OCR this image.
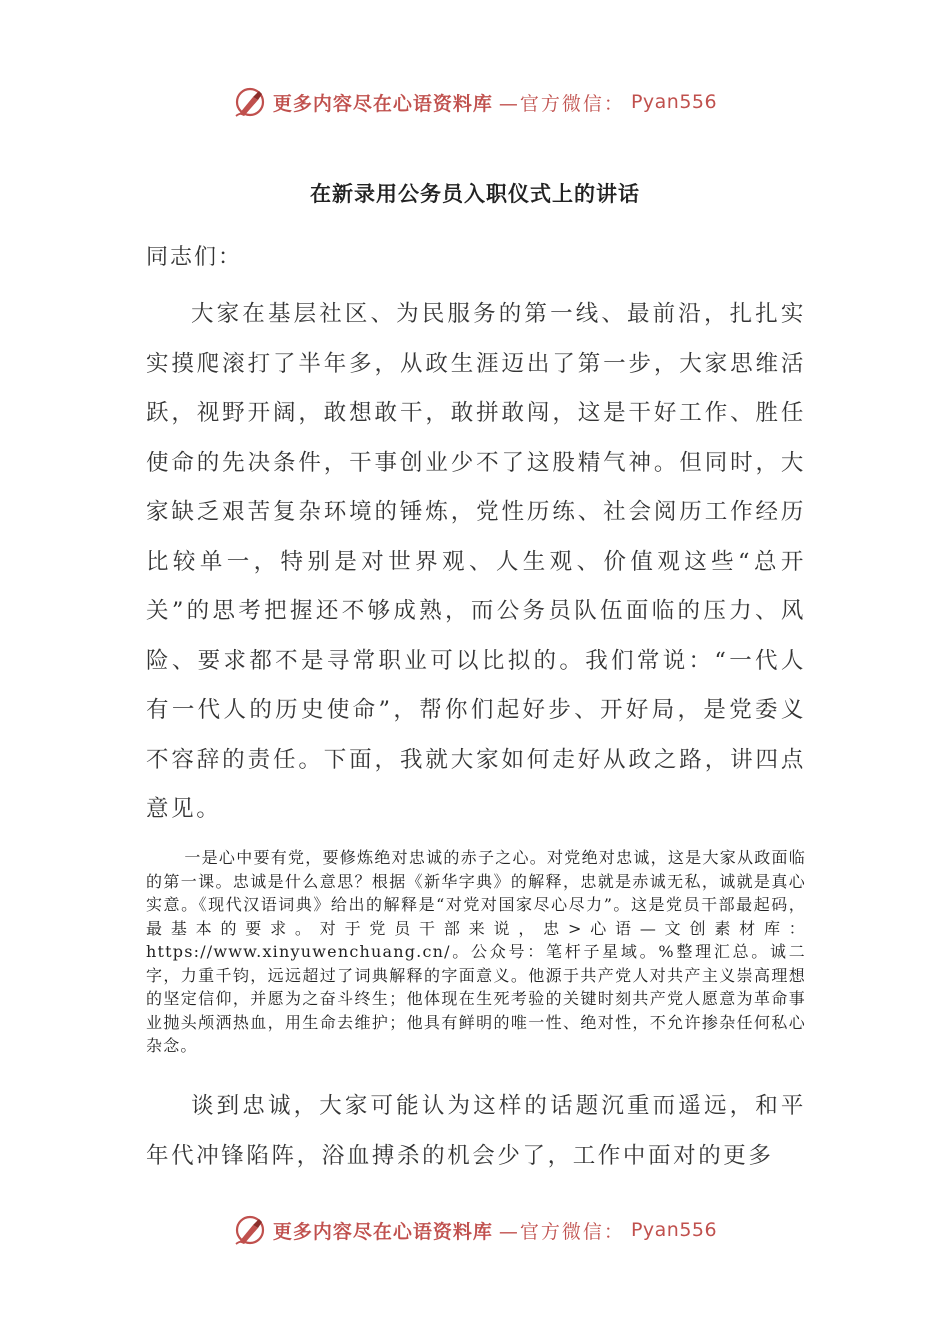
更多内容尽在心语资料库 —官方微信： Pyan556
在新录用公务员入职仪式上的讲话
同志们：

大家在基层社区、为民服务的第一线、最前沿，扎扎实实摸爬滚打了半年多，从政生涯迈出了第一步，大家思维活跃，视野开阔，敢想敢干，敢拼敢闯，这是干好工作、胜任使命的先决条件，干事创业少不了这股精气神。但同时，大家缺乏艰苦复杂环境的锤炼，党性历练、社会阅历工作经历比较单一，特别是对世界观、人生观、价值观这些“总开关”的思考把握还不够成熟，而公务员队伍面临的压力、风险、要求都不是寻常职业可以比拟的。我们常说：“一代人有一代人的历史使命”，帮你们起好步、开好局，是党委义不容辞的责任。下面，我就大家如何走好从政之路，讲四点意见。

一是心中要有党，要修炼绝对忠诚的赤子之心。对党绝对忠诚，这是大家从政面临的第一课。忠诚是什么意思？根据《新华字典》的解释，忠就是赤诚无私，诚就是真心实意。《现代汉语词典》给出的解释是“对党对国家尽心尽力”。这是党员干部最起码，最基本的要求。对于党员干部来说，忠>心语—文创素材库：https://www.xinyuwenchuang.cn/。公众号：笔杆子星域。%整理汇总。诚二字，力重千钧，远远超过了词典解释的字面意义。他源于共产党人对共产主义崇高理想的坚定信仰，并愿为之奋斗终生；他体现在生死考验的关键时刻共产党人愿意为革命事业抛头颅洒热血，用生命去维护；他具有鲜明的唯一性、绝对性，不允许掺杂任何私心杂念。

谈到忠诚，大家可能认为这样的话题沉重而遥远，和平年代冲锋陷阵，浴血搏杀的机会少了，工作中面对的更多

更多内容尽在心语资料库 —官方微信： Pyan556
